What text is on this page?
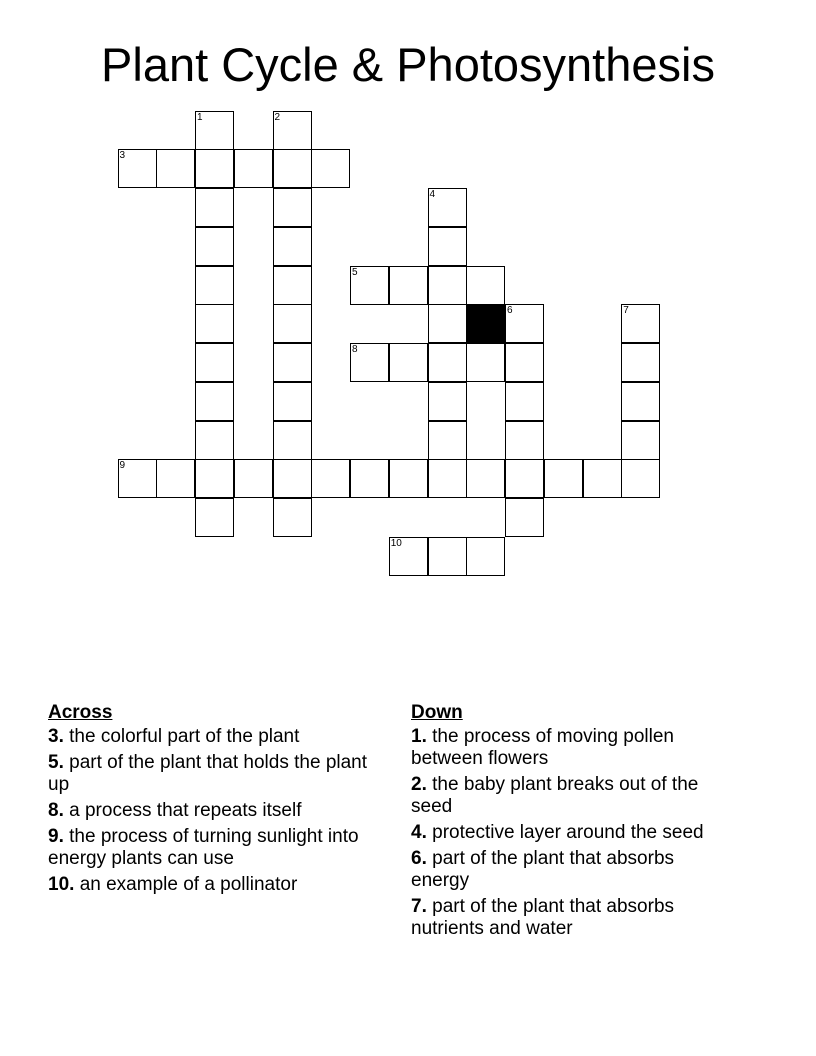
Plant Cycle & Photosynthesis
3
1	2
4
5
6	7
8
9
10
Across
3. the colorful part of the plant
5. part of the plant that holds the plant up
8. a process that repeats itself
9. the process of turning sunlight into energy plants can use
10. an example of a pollinator
Down
1. the process of moving pollen between flowers
2. the baby plant breaks out of the seed
4. protective layer around the seed
6. part of the plant that absorbs energy
7. part of the plant that absorbs nutrients and water
